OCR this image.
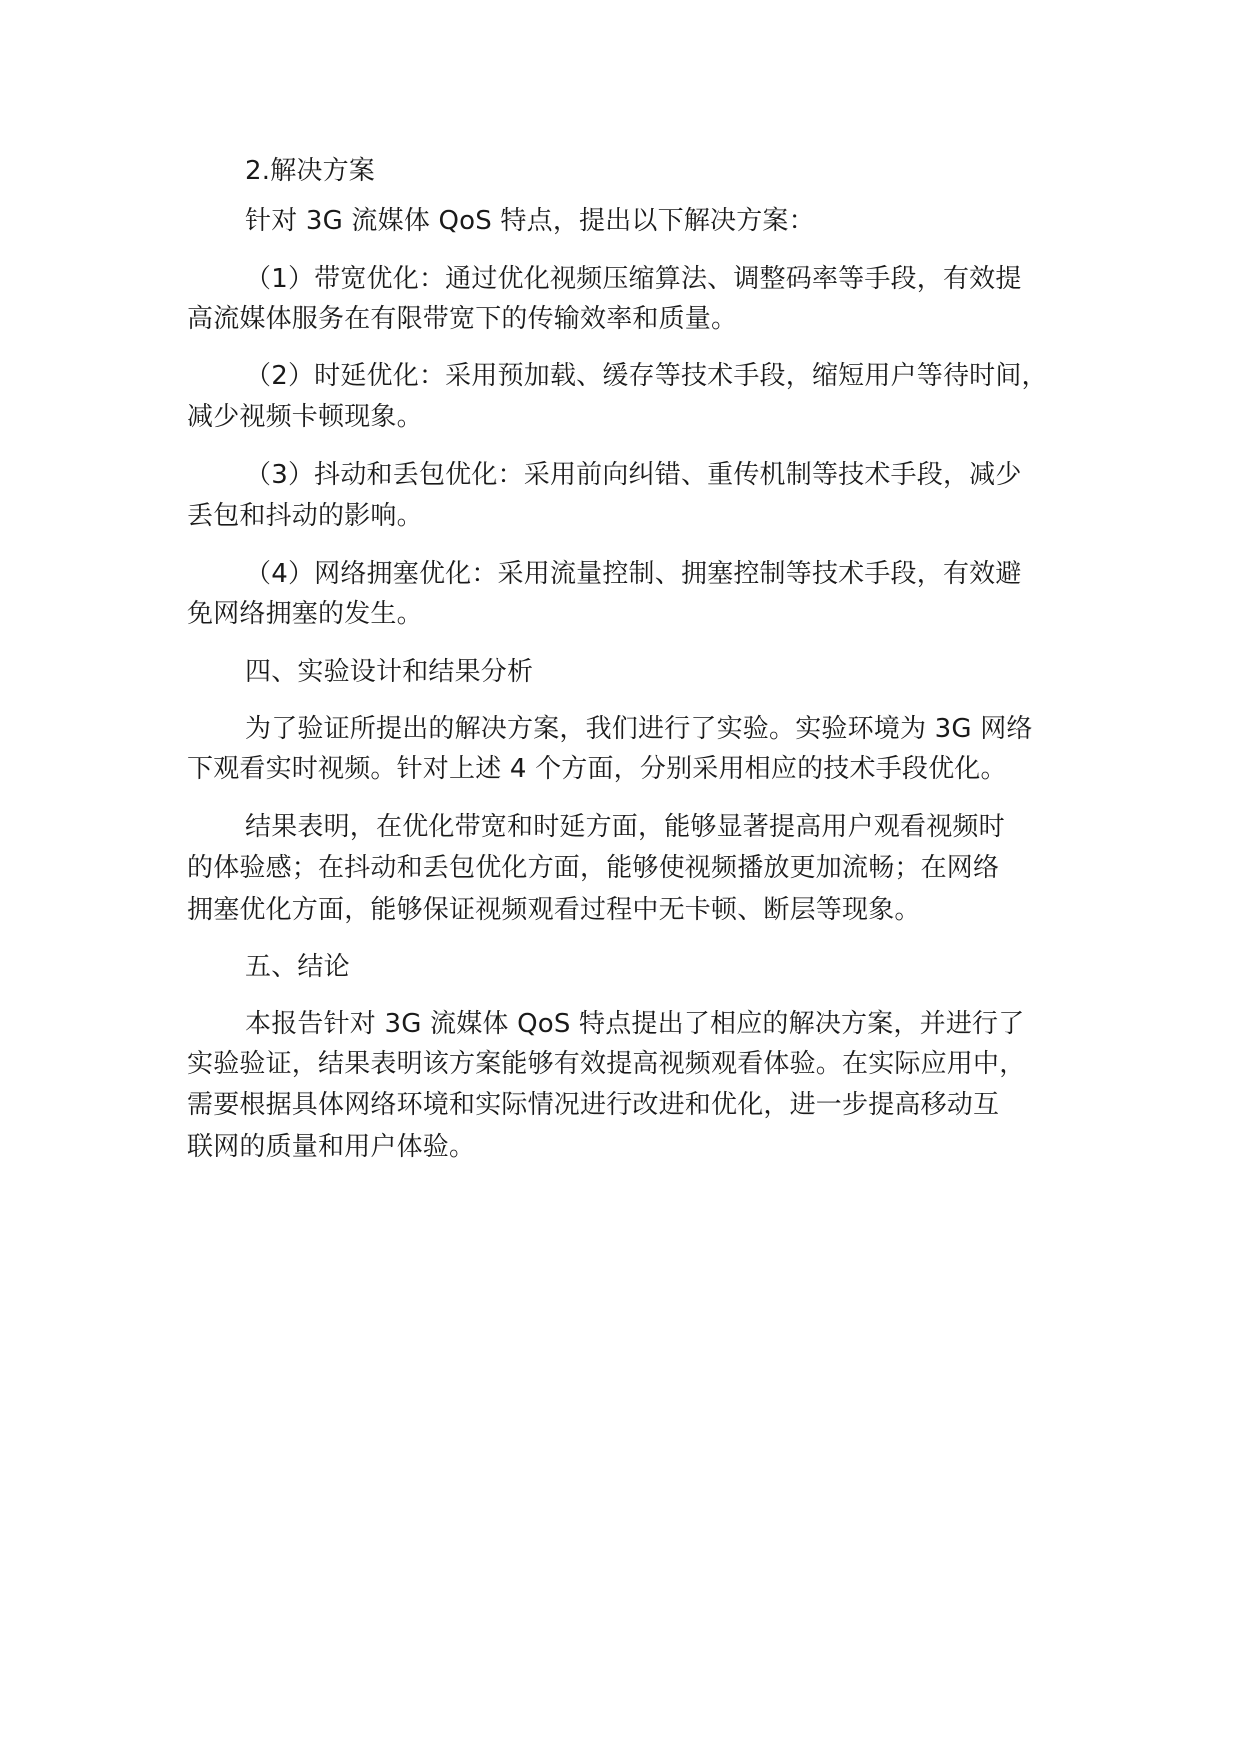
2.解决方案
针对 3G 流媒体 QoS 特点，提出以下解决方案：
（1）带宽优化：通过优化视频压缩算法、调整码率等手段，有效提
高流媒体服务在有限带宽下的传输效率和质量。
（2）时延优化：采用预加载、缓存等技术手段，缩短用户等待时间，
减少视频卡顿现象。
（3）抖动和丢包优化：采用前向纠错、重传机制等技术手段，减少
丢包和抖动的影响。
（4）网络拥塞优化：采用流量控制、拥塞控制等技术手段，有效避
免网络拥塞的发生。
四、实验设计和结果分析
为了验证所提出的解决方案，我们进行了实验。实验环境为 3G 网络
下观看实时视频。针对上述 4 个方面，分别采用相应的技术手段优化。
结果表明，在优化带宽和时延方面，能够显著提高用户观看视频时
的体验感；在抖动和丢包优化方面，能够使视频播放更加流畅；在网络
拥塞优化方面，能够保证视频观看过程中无卡顿、断层等现象。
五、结论
本报告针对 3G 流媒体 QoS 特点提出了相应的解决方案，并进行了
实验验证，结果表明该方案能够有效提高视频观看体验。在实际应用中，
需要根据具体网络环境和实际情况进行改进和优化，进一步提高移动互
联网的质量和用户体验。
